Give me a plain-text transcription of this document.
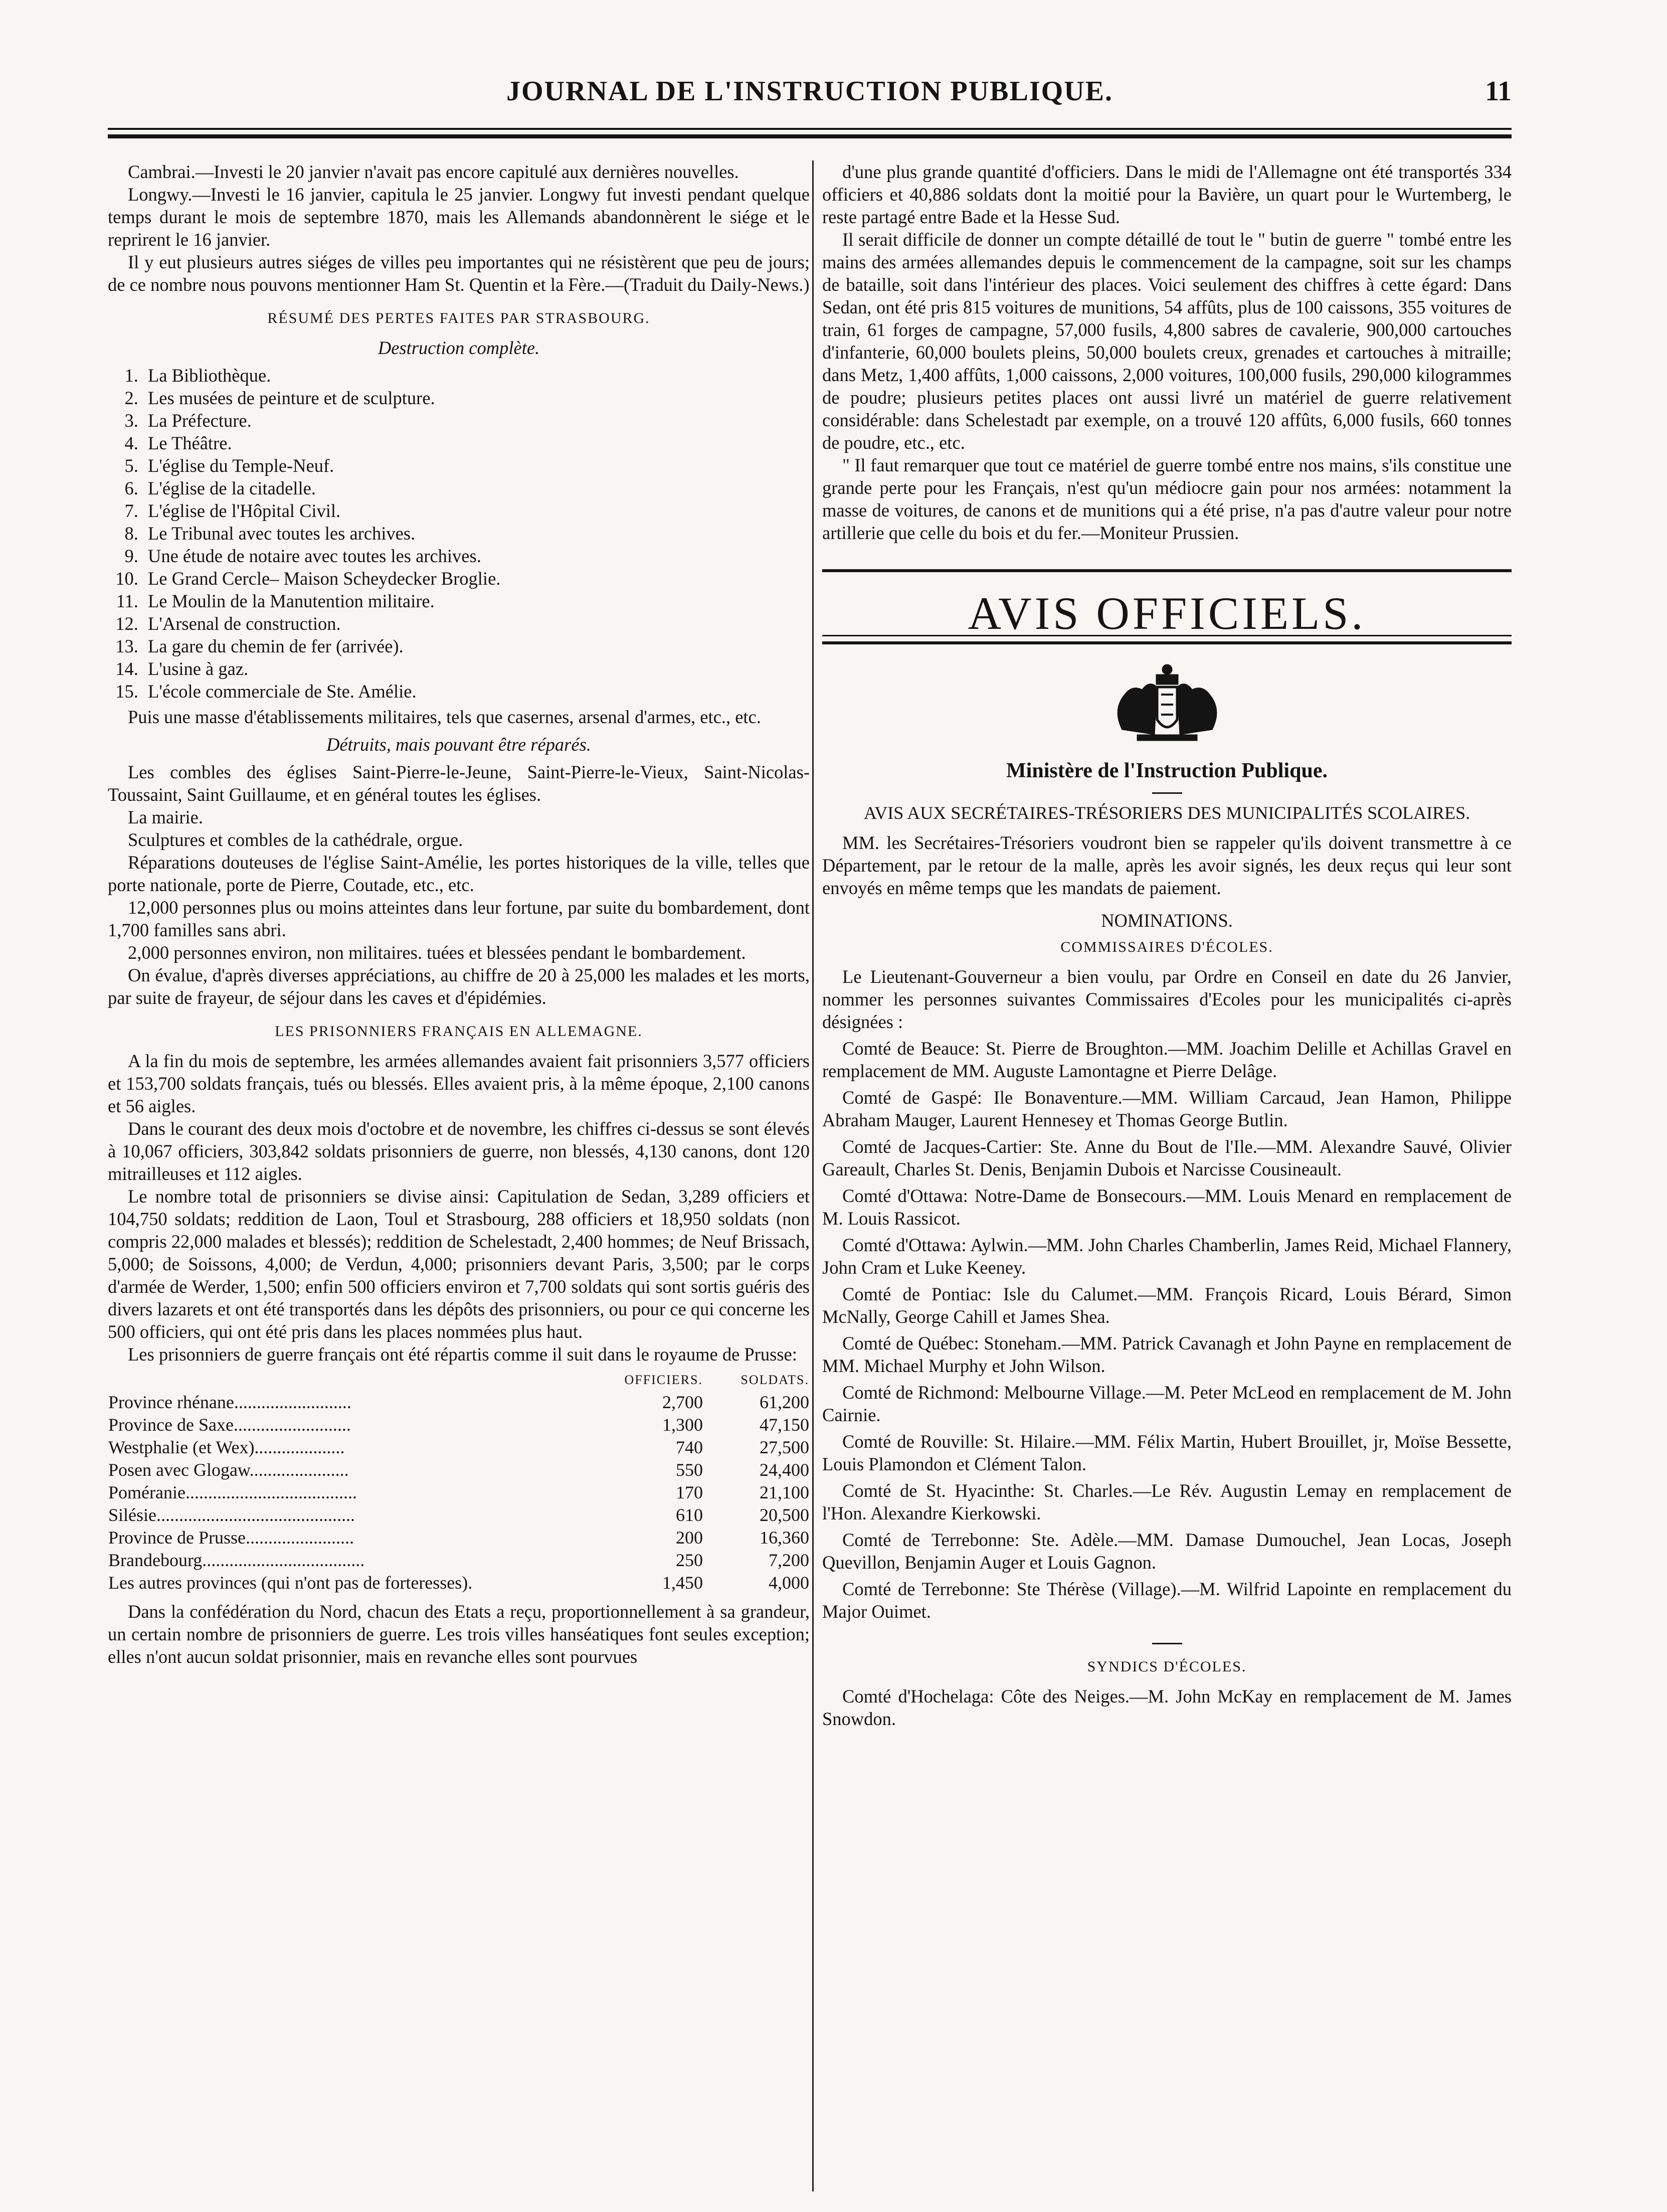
JOURNAL DE L'INSTRUCTION PUBLIQUE.	11

Cambrai.—Investi le 20 janvier n'avait pas encore capitulé aux dernières nouvelles.

Longwy.—Investi le 16 janvier, capitula le 25 janvier. Longwy fut investi pendant quelque temps durant le mois de septembre 1870, mais les Allemands abandonnèrent le siége et le reprirent le 16 janvier.

Il y eut plusieurs autres siéges de villes peu importantes qui ne résistèrent que peu de jours; de ce nombre nous pouvons mentionner Ham St. Quentin et la Fère.—(Traduit du Daily-News.)

RÉSUMÉ DES PERTES FAITES PAR STRASBOURG.

Destruction complète.

1. La Bibliothèque.
2. Les musées de peinture et de sculpture.
3. La Préfecture.
4. Le Théâtre.
5. L'église du Temple-Neuf.
6. L'église de la citadelle.
7. L'église de l'Hôpital Civil.
8. Le Tribunal avec toutes les archives.
9. Une étude de notaire avec toutes les archives.
10. Le Grand Cercle– Maison Scheydecker Broglie.
11. Le Moulin de la Manutention militaire.
12. L'Arsenal de construction.
13. La gare du chemin de fer (arrivée).
14. L'usine à gaz.
15. L'école commerciale de Ste. Amélie.

Puis une masse d'établissements militaires, tels que casernes, arsenal d'armes, etc., etc.

Détruits, mais pouvant être réparés.

Les combles des églises Saint-Pierre-le-Jeune, Saint-Pierre-le-Vieux, Saint-Nicolas-Toussaint, Saint Guillaume, et en général toutes les églises.

La mairie.

Sculptures et combles de la cathédrale, orgue.

Réparations douteuses de l'église Saint-Amélie, les portes historiques de la ville, telles que porte nationale, porte de Pierre, Coutade, etc., etc.

12,000 personnes plus ou moins atteintes dans leur fortune, par suite du bombardement, dont 1,700 familles sans abri.

2,000 personnes environ, non militaires. tuées et blessées pendant le bombardement.

On évalue, d'après diverses appréciations, au chiffre de 20 à 25,000 les malades et les morts, par suite de frayeur, de séjour dans les caves et d'épidémies.

LES PRISONNIERS FRANÇAIS EN ALLEMAGNE.

A la fin du mois de septembre, les armées allemandes avaient fait prisonniers 3,577 officiers et 153,700 soldats français, tués ou blessés. Elles avaient pris, à la même époque, 2,100 canons et 56 aigles.

Dans le courant des deux mois d'octobre et de novembre, les chiffres ci-dessus se sont élevés à 10,067 officiers, 303,842 soldats prisonniers de guerre, non blessés, 4,130 canons, dont 120 mitrailleuses et 112 aigles.

Le nombre total de prisonniers se divise ainsi: Capitulation de Sedan, 3,289 officiers et 104,750 soldats; reddition de Laon, Toul et Strasbourg, 288 officiers et 18,950 soldats (non compris 22,000 malades et blessés); reddition de Schelestadt, 2,400 hommes; de Neuf Brissach, 5,000; de Soissons, 4,000; de Verdun, 4,000; prisonniers devant Paris, 3,500; par le corps d'armée de Werder, 1,500; enfin 500 officiers environ et 7,700 soldats qui sont sortis guéris des divers lazarets et ont été transportés dans les dépôts des prisonniers, ou pour ce qui concerne les 500 officiers, qui ont été pris dans les places nommées plus haut.

Les prisonniers de guerre français ont été répartis comme il suit dans le royaume de Prusse:

	OFFICIERS.	SOLDATS.
Province rhénane..........................	2,700	61,200
Province de Saxe..........................	1,300	47,150
Westphalie (et Wex)....................	740	27,500
Posen avec Glogaw......................	550	24,400
Poméranie......................................	170	21,100
Silésie............................................	610	20,500
Province de Prusse........................	200	16,360
Brandebourg....................................	250	7,200
Les autres provinces (qui n'ont pas de forteresses).	1,450	4,000

Dans la confédération du Nord, chacun des Etats a reçu, proportionnellement à sa grandeur, un certain nombre de prisonniers de guerre. Les trois villes hanséatiques font seules exception; elles n'ont aucun soldat prisonnier, mais en revanche elles sont pourvues

d'une plus grande quantité d'officiers. Dans le midi de l'Allemagne ont été transportés 334 officiers et 40,886 soldats dont la moitié pour la Bavière, un quart pour le Wurtemberg, le reste partagé entre Bade et la Hesse Sud.

Il serait difficile de donner un compte détaillé de tout le " butin de guerre " tombé entre les mains des armées allemandes depuis le commencement de la campagne, soit sur les champs de bataille, soit dans l'intérieur des places. Voici seulement des chiffres à cette égard: Dans Sedan, ont été pris 815 voitures de munitions, 54 affûts, plus de 100 caissons, 355 voitures de train, 61 forges de campagne, 57,000 fusils, 4,800 sabres de cavalerie, 900,000 cartouches d'infanterie, 60,000 boulets pleins, 50,000 boulets creux, grenades et cartouches à mitraille; dans Metz, 1,400 affûts, 1,000 caissons, 2,000 voitures, 100,000 fusils, 290,000 kilogrammes de poudre; plusieurs petites places ont aussi livré un matériel de guerre relativement considérable: dans Schelestadt par exemple, on a trouvé 120 affûts, 6,000 fusils, 660 tonnes de poudre, etc., etc.

" Il faut remarquer que tout ce matériel de guerre tombé entre nos mains, s'ils constitue une grande perte pour les Français, n'est qu'un médiocre gain pour nos armées: notamment la masse de voitures, de canons et de munitions qui a été prise, n'a pas d'autre valeur pour notre artillerie que celle du bois et du fer.—Moniteur Prussien.

AVIS OFFICIELS.

Ministère de l'Instruction Publique.

AVIS AUX SECRÉTAIRES-TRÉSORIERS DES MUNICIPALITÉS SCOLAIRES.

MM. les Secrétaires-Trésoriers voudront bien se rappeler qu'ils doivent transmettre à ce Département, par le retour de la malle, après les avoir signés, les deux reçus qui leur sont envoyés en même temps que les mandats de paiement.

NOMINATIONS.

COMMISSAIRES D'ÉCOLES.

Le Lieutenant-Gouverneur a bien voulu, par Ordre en Conseil en date du 26 Janvier, nommer les personnes suivantes Commissaires d'Ecoles pour les municipalités ci-après désignées :

Comté de Beauce: St. Pierre de Broughton.—MM. Joachim Delille et Achillas Gravel en remplacement de MM. Auguste Lamontagne et Pierre Delâge.

Comté de Gaspé: Ile Bonaventure.—MM. William Carcaud, Jean Hamon, Philippe Abraham Mauger, Laurent Hennesey et Thomas George Butlin.

Comté de Jacques-Cartier: Ste. Anne du Bout de l'Ile.—MM. Alexandre Sauvé, Olivier Gareault, Charles St. Denis, Benjamin Dubois et Narcisse Cousineault.

Comté d'Ottawa: Notre-Dame de Bonsecours.—MM. Louis Menard en remplacement de M. Louis Rassicot.

Comté d'Ottawa: Aylwin.—MM. John Charles Chamberlin, James Reid, Michael Flannery, John Cram et Luke Keeney.

Comté de Pontiac: Isle du Calumet.—MM. François Ricard, Louis Bérard, Simon McNally, George Cahill et James Shea.

Comté de Québec: Stoneham.—MM. Patrick Cavanagh et John Payne en remplacement de MM. Michael Murphy et John Wilson.

Comté de Richmond: Melbourne Village.—M. Peter McLeod en remplacement de M. John Cairnie.

Comté de Rouville: St. Hilaire.—MM. Félix Martin, Hubert Brouillet, jr, Moïse Bessette, Louis Plamondon et Clément Talon.

Comté de St. Hyacinthe: St. Charles.—Le Rév. Augustin Lemay en remplacement de l'Hon. Alexandre Kierkowski.

Comté de Terrebonne: Ste. Adèle.—MM. Damase Dumouchel, Jean Locas, Joseph Quevillon, Benjamin Auger et Louis Gagnon.

Comté de Terrebonne: Ste Thérèse (Village).—M. Wilfrid Lapointe en remplacement du Major Ouimet.

SYNDICS D'ÉCOLES.

Comté d'Hochelaga: Côte des Neiges.—M. John McKay en remplacement de M. James Snowdon.
